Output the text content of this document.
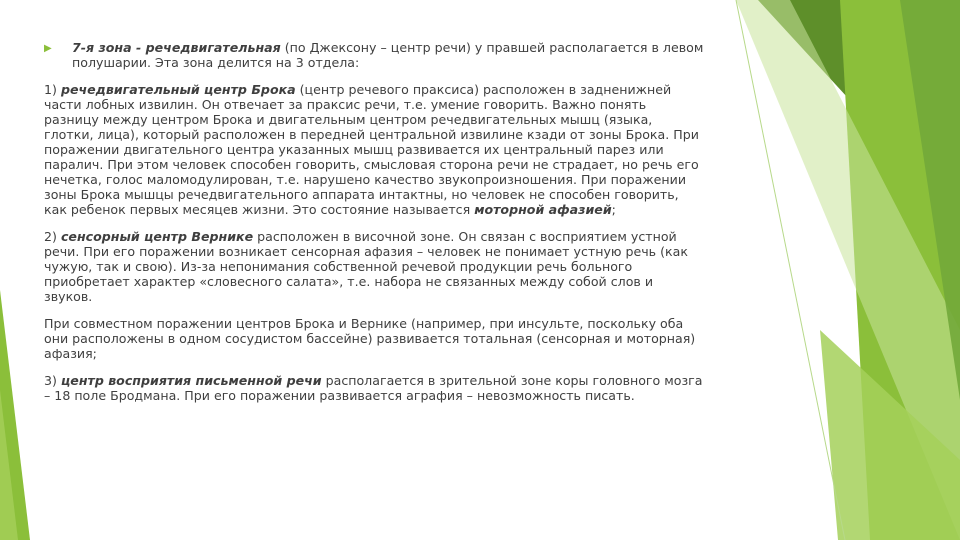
▶	7-я зона - речедвигательная (по Джексону – центр речи) у правшей располагается в левом полушарии. Эта зона делится на 3 отдела:

1) речедвигательный центр Брока (центр речевого праксиса) расположен в задненижней части лобных извилин. Он отвечает за праксис речи, т.е. умение говорить. Важно понять разницу между центром Брока и двигательным центром речедвигательных мышц (языка, глотки, лица), который расположен в передней центральной извилине кзади от зоны Брока. При поражении двигательного центра указанных мышц развивается их центральный парез или паралич. При этом человек способен говорить, смысловая сторона речи не страдает, но речь его нечетка, голос маломодулирован, т.е. нарушено качество звукопроизношения. При поражении зоны Брока мышцы речедвигательного аппарата интактны, но человек не способен говорить, как ребенок первых месяцев жизни. Это состояние называется моторной афазией;

2) сенсорный центр Вернике расположен в височной зоне. Он связан с восприятием устной речи. При его поражении возникает сенсорная афазия – человек не понимает устную речь (как чужую, так и свою). Из-за непонимания собственной речевой продукции речь больного приобретает характер «словесного салата», т.е. набора не связанных между собой слов и звуков.

При совместном поражении центров Брока и Вернике (например, при инсульте, поскольку оба они расположены в одном сосудистом бассейне) развивается тотальная (сенсорная и моторная) афазия;

3) центр восприятия письменной речи располагается в зрительной зоне коры головного мозга – 18 поле Бродмана. При его поражении развивается аграфия – невозможность писать.
